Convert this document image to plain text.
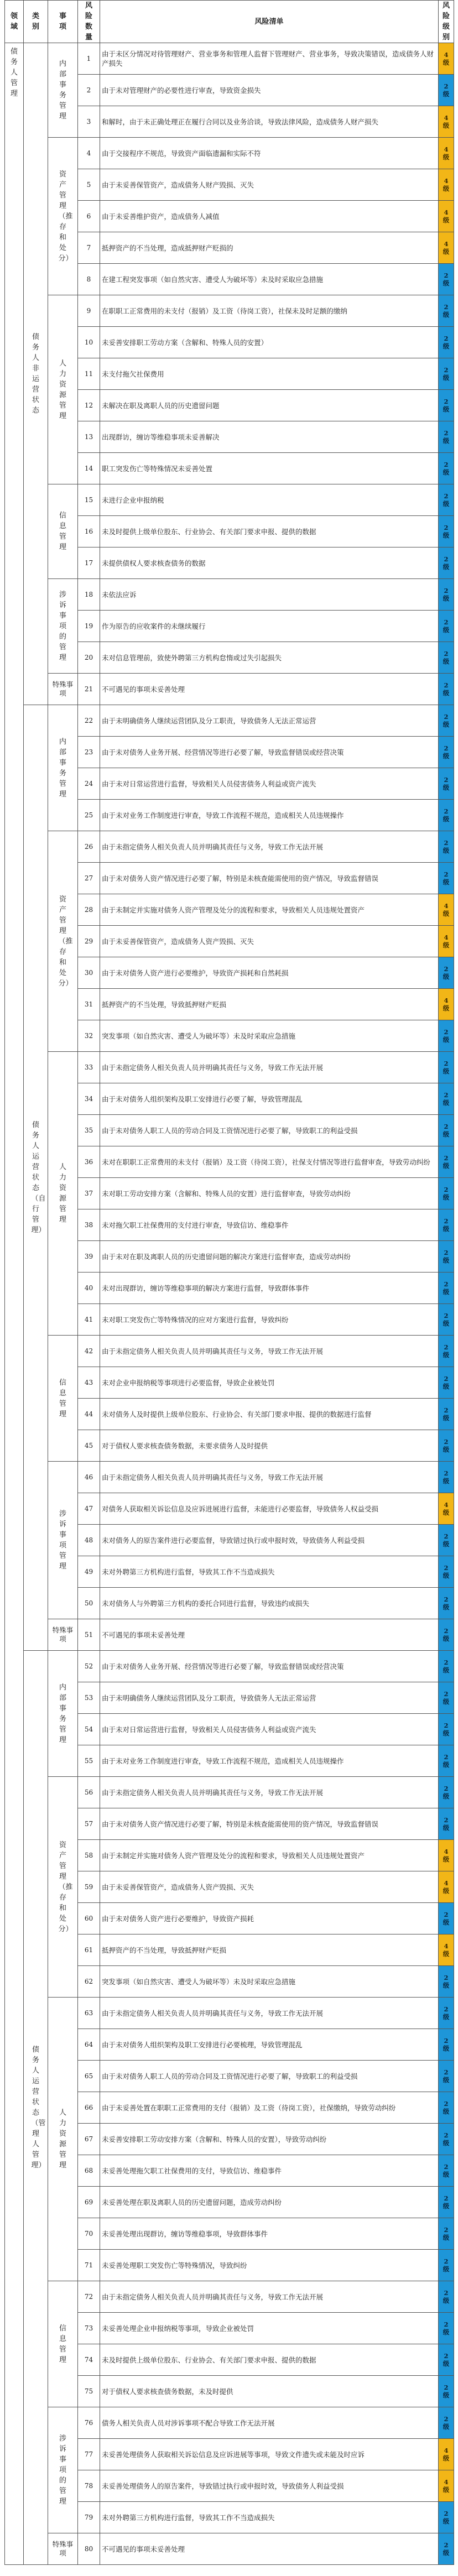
领域	类别	事项	风险数量	风险清单	风险级别
债务人管理	债务人非运营状态	内部事务管理	1	由于未区分情况对待管理财产、营业事务和管理人监督下管理财产、营业事务，导致决策错误，造成债务人财产损失	4级
			2	由于未对管理财产的必要性进行审查，导致资金损失	2级
			3	和解时，由于未正确处理正在履行合同以及业务洽谈，导致法律风险，造成债务人财产损失	4级
		资产管理（推存和处分）	4	由于交接程序不规范，导致资产面临遗漏和实际不符	4级
			5	由于未妥善保管资产，造成债务人财产毁损、灭失	4级
			6	由于未妥善维护资产，造成债务人减值	4级
			7	抵押资产的不当处理，造成抵押财产贬损的	4级
			8	在建工程突发事项（如自然灾害、遭受人为破坏等）未及时采取应急措施	2级
		人力资源管理	9	在职职工正常费用的未支付（报销）及工资（待岗工资），社保未及时足额的缴纳	2级
			10	未妥善安排职工劳动方案（含解和、特殊人员的安置）	2级
			11	未支付拖欠社保费用	2级
			12	未解决在职及离职人员的历史遗留问题	2级
			13	出现群访，缠访等维稳事项未妥善解决	2级
			14	职工突发伤亡等特殊情况未妥善处置	2级
		信息管理	15	未进行企业申报纳税	2级
			16	未及时提供上级单位股东、行业协会、有关部门要求申报、提供的数据	2级
			17	未提供债权人要求核查债务的数据	2级
		涉诉事项的管理	18	未依法应诉	2级
			19	作为原告的应收案件的未继续履行	2级
			20	未对信息管理前，致使外聘第三方机构怠惰或过失引起损失	2级
		特殊事项	21	不可遇见的事项未妥善处理	2级
	债务人运营状态（自行管理）	内部事务管理	22	由于未明确债务人继续运营团队及分工职责，导致债务人无法正常运营	2级
			23	由于未对债务人业务开展、经营情况等进行必要了解，导致监督错误或经营决策	2级
			24	由于未对日常运营进行监督，导致相关人员侵害债务人利益或资产流失	2级
			25	由于未对业务工作制度进行审查，导致工作流程不规范，造成相关人员违规操作	2级
		资产管理（推存和处分）	26	由于未指定债务人相关负责人员并明确其责任与义务，导致工作无法开展	2级
			27	由于未对债务人资产情况进行必要了解，特别是未核查能需使用的资产情况，导致监督错误	2级
			28	由于未制定并实施对债务人资产管理及处分的流程和要求，导致相关人员违规处置资产	4级
			29	由于未妥善保管资产，造成债务人资产毁损、灭失	4级
			30	由于未对债务人资产进行必要维护，导致资产损耗和自然耗损	2级
			31	抵押资产的不当处理，导致抵押财产贬损	4级
			32	突发事项（如自然灾害、遭受人为破坏等）未及时采取应急措施	2级
		人力资源管理	33	由于未指定债务人相关负责人员并明确其责任与义务，导致工作无法开展	2级
			34	由于未对债务人组织架构及职工安排进行必要了解，导致管理混乱	2级
			35	由于未对债务人职工人员的劳动合同及工资情况进行必要了解，导致职工的利益受损	2级
			36	未对在职职工正常费用的未支付（报销）及工资（待岗工资），社保支付情况等进行监督审查，导致劳动纠纷	2级
			37	未对职工劳动安排方案（含解和、特殊人员的安置）进行监督审查，导致劳动纠纷	2级
			38	未对拖欠职工社保费用的支付进行审查，导致信访、维稳事件	2级
			39	由于未对在职及离职人员的历史遗留问题的解决方案进行监督审查，造成劳动纠纷	2级
			40	未对出现群访，缠访等维稳事项的解决方案进行监督，导致群体事件	2级
			41	未对职工突发伤亡等特殊情况的应对方案进行监督，导致纠纷	2级
		信息管理	42	由于未指定债务人相关负责人员并明确其责任与义务，导致工作无法开展	2级
			43	未对企业申报纳税等事项进行必要监督，导致企业被处罚	2级
			44	未对债务人及时提供上级单位股东、行业协会、有关部门要求申报、提供的数据进行监督	2级
			45	对于债权人要求核查债务数据，未要求债务人及时提供	2级
		涉诉事项管理	46	由于未指定债务人相关负责人员并明确其责任与义务，导致工作无法开展	2级
			47	对债务人获取相关诉讼信息及应诉进展进行监督，未能进行必要监督，导致债务人权益受损	4级
			48	未对债务人的原告案件进行必要监督，导致错过执行或申报时效，导致债务人利益受损	2级
			49	未对外聘第三方机构进行监督，导致其工作不当造成损失	2级
			50	未对债务人与外聘第三方机构的委托合同进行监督，导致违约或损失	2级
		特殊事项	51	不可遇见的事项未妥善处理	2级
	债务人运营状态（管理人管理）	内部事务管理	52	由于未对债务人业务开展、经营情况等进行必要了解，导致监督错误或经营决策	2级
			53	由于未明确债务人继续运营团队及分工职责，导致债务人无法正常运营	2级
			54	由于未对日常运营进行监督，导致相关人员侵害债务人利益或资产流失	2级
			55	由于未对业务工作制度进行审查，导致工作流程不规范，造成相关人员违规操作	2级
		资产管理（推存和处分）	56	由于未指定债务人相关负责人员并明确其责任与义务，导致工作无法开展	2级
			57	由于未对债务人资产情况进行必要了解，特别是未核查能需使用的资产情况，导致监督错误	2级
			58	由于未制定并实施对债务人资产管理及处分的流程和要求，导致相关人员违规处置资产	4级
			59	由于未妥善保管资产，造成债务人资产毁损、灭失	4级
			60	由于未对债务人资产进行必要维护，导致资产损耗	2级
			61	抵押资产的不当处理，导致抵押财产贬损	4级
			62	突发事项（如自然灾害、遭受人为破坏等）未及时采取应急措施	2级
		人力资源管理	63	由于未指定债务人相关负责人员并明确其责任与义务，导致工作无法开展	2级
			64	由于未对债务人组织架构及职工安排进行必要梳理，导致管理混乱	2级
			65	由于未对债务人职工人员的劳动合同及工资情况进行必要了解，导致职工的利益受损	2级
			66	由于未妥善处置在职职工正常费用的支付（报销）及工资（待岗工资），社保缴纳，导致劳动纠纷	2级
			67	未妥善安排职工劳动安排方案（含解和、特殊人员的安置），导致劳动纠纷	2级
			68	未妥善处理拖欠职工社保费用的支付，导致信访、维稳事件	2级
			69	未妥善处理在职及离职人员的历史遗留问题，造成劳动纠纷	2级
			70	未妥善处理出现群访，缠访等维稳事项，导致群体事件	2级
			71	未妥善处理职工突发伤亡等特殊情况，导致纠纷	2级
		信息管理	72	由于未指定债务人相关负责人员并明确其责任与义务，导致工作无法开展	2级
			73	未妥善处理企业申报纳税等事项，导致企业被处罚	2级
			74	未及时提供上级单位股东、行业协会、有关部门要求申报、提供的数据	2级
			75	对于债权人要求核查债务数据，未及时提供	2级
		涉诉事项的管理	76	债务人相关负责人员对涉诉事项不配合导致工作无法开展	2级
			77	未妥善处理债务人获取相关诉讼信息及应诉进展等事项，导致文件遗失或未能及时应诉	4级
			78	未妥善处理债务人的原告案件，导致错过执行或申报时效，导致债务人利益受损	4级
			79	未对外聘第三方机构进行监督，导致其工作不当造成损失	2级
		特殊事项	80	不可遇见的事项未妥善处理	2级
